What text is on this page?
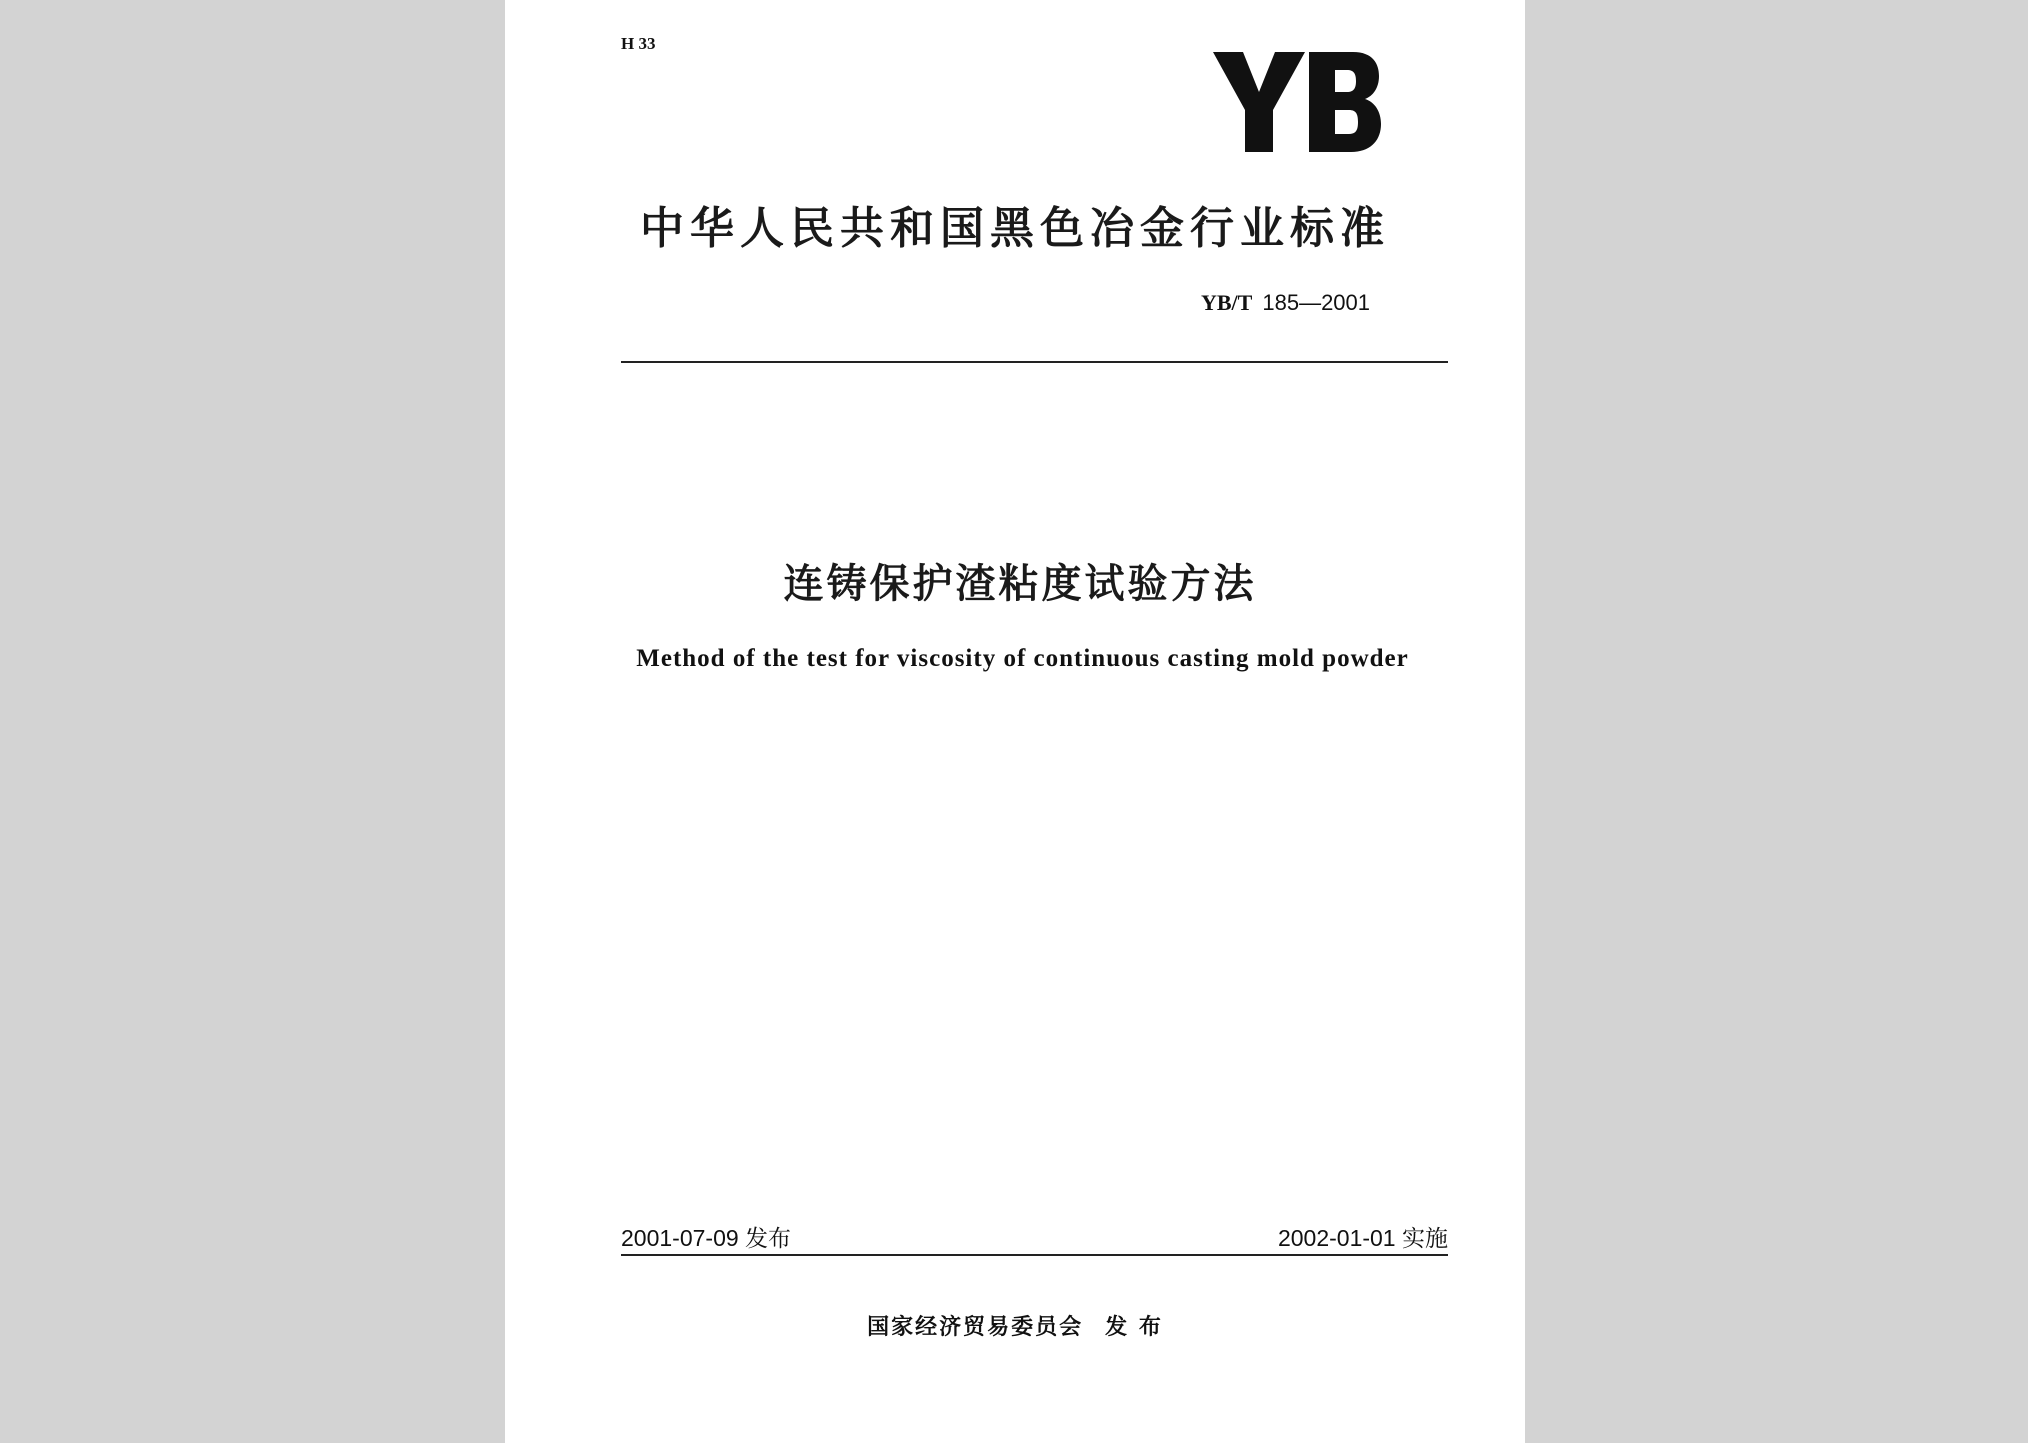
H 33
中华人民共和国黑色冶金行业标准
YB/T 185—2001
连铸保护渣粘度试验方法
Method of the test for viscosity of continuous casting mold powder
2001-07-09 发布	2002-01-01 实施
国家经济贸易委员会 发 布
